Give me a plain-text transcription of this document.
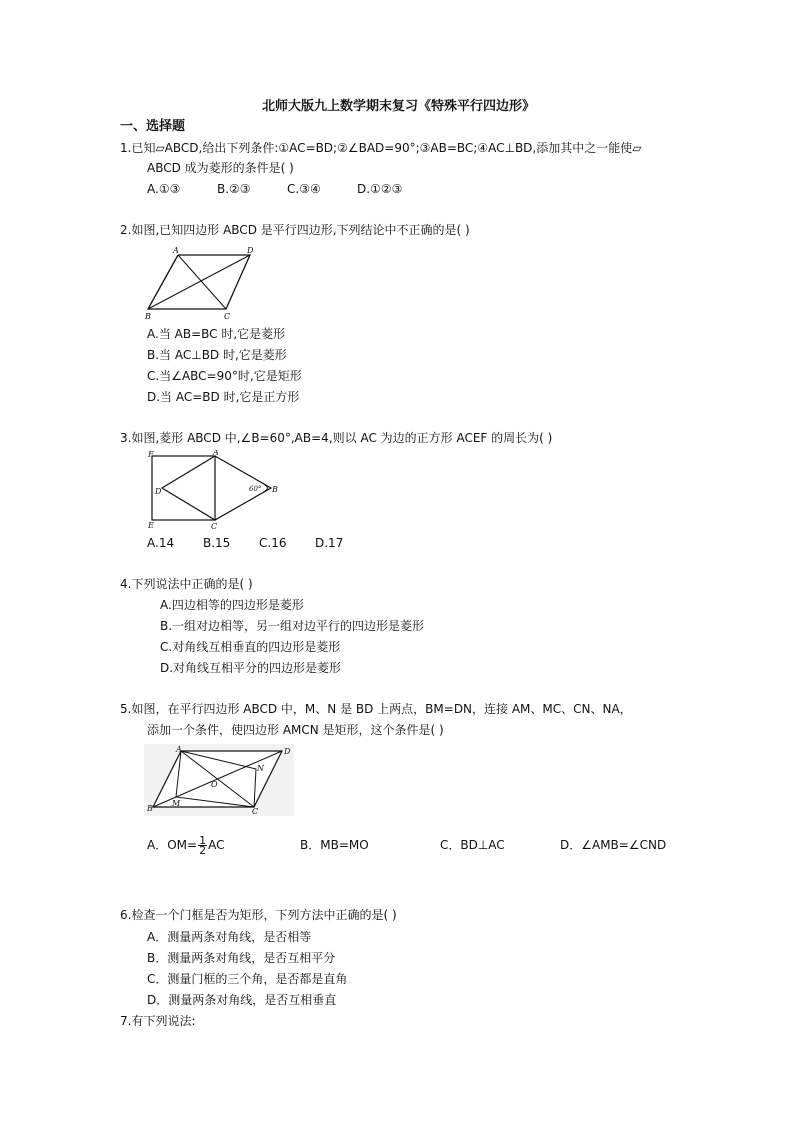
北师大版九上数学期末复习《特殊平行四边形》
一、选择题
1.已知▱ABCD,给出下列条件:①AC=BD;②∠BAD=90°;③AB=BC;④AC⊥BD,添加其中之一能使▱
ABCD 成为菱形的条件是( )
A.①③	B.②③	C.③④	D.①②③
2.如图,已知四边形 ABCD 是平行四边形,下列结论中不正确的是( )
A	D
B	C
A.当 AB=BC 时,它是菱形
B.当 AC⊥BD 时,它是菱形
C.当∠ABC=90°时,它是矩形
D.当 AC=BD 时,它是正方形
3.如图,菱形 ABCD 中,∠B=60°,AB=4,则以 AC 为边的正方形 ACEF 的周长为( )
F	A
D	60° B
E	C
A.14 B.15 C.16 D.17
4.下列说法中正确的是( )
A.四边相等的四边形是菱形
B.一组对边相等，另一组对边平行的四边形是菱形
C.对角线互相垂直的四边形是菱形
D.对角线互相平分的四边形是菱形
5.如图，在平行四边形 ABCD 中，M、N 是 BD 上两点，BM=DN，连接 AM、MC、CN、NA，
添加一个条件，使四边形 AMCN 是矩形，这个条件是( )
A	D
N
O
M
B	C
A．$OM= \frac{1}{2}$ AC	B．MB=MO	C．BD⊥AC	D．∠AMB=∠CND
6.检查一个门框是否为矩形，下列方法中正确的是( )
A．测量两条对角线，是否相等
B．测量两条对角线，是否互相平分
C．测量门框的三个角，是否都是直角
D．测量两条对角线，是否互相垂直
7.有下列说法:
